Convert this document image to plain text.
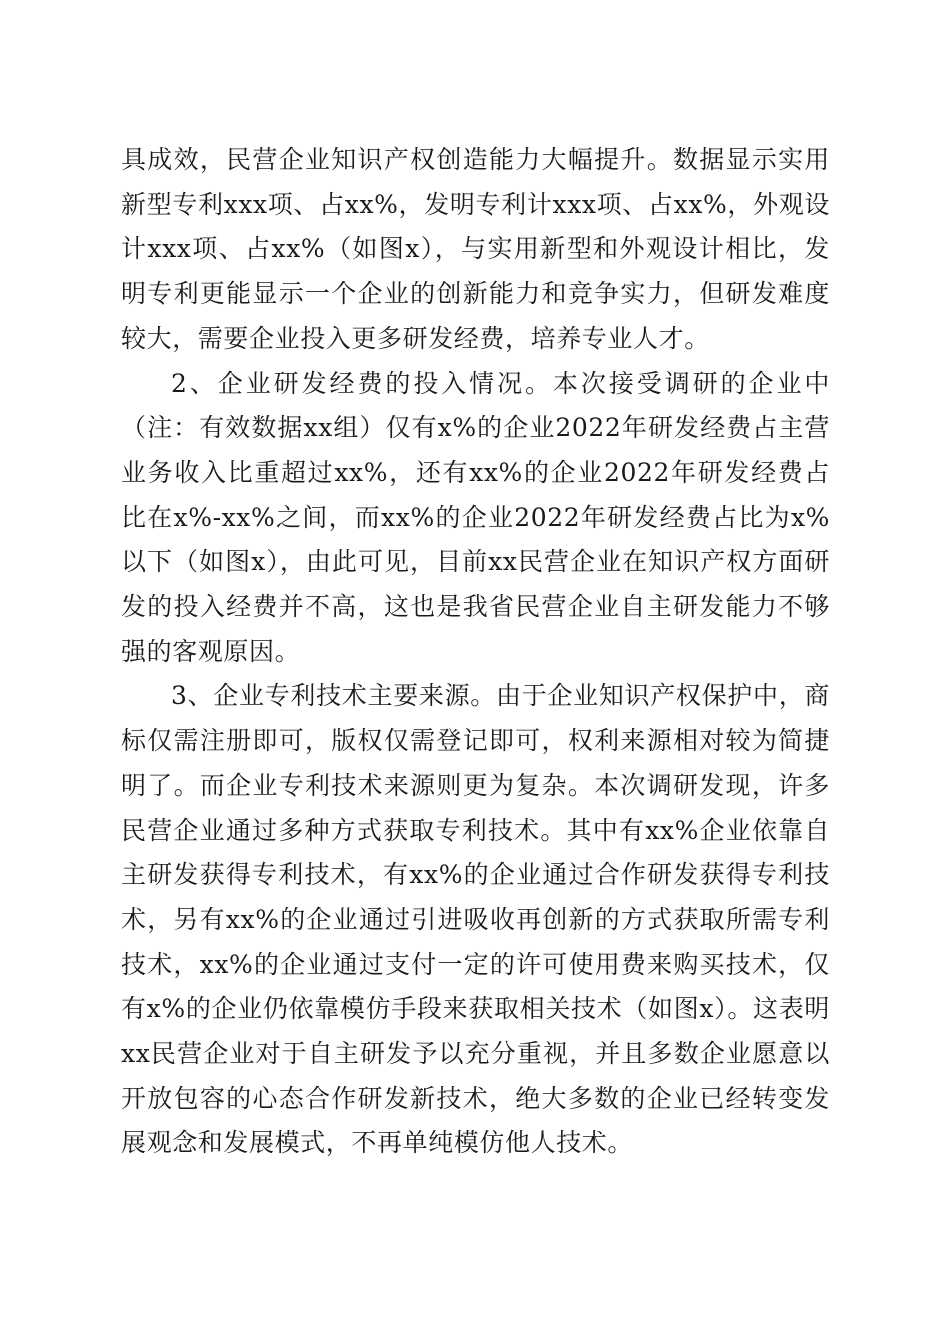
具成效，民营企业知识产权创造能力大幅提升。数据显示实用新型专利xxx项、占xx%，发明专利计xxx项、占xx%，外观设计xxx项、占xx%（如图x），与实用新型和外观设计相比，发明专利更能显示一个企业的创新能力和竞争实力，但研发难度较大，需要企业投入更多研发经费，培养专业人才。

2、企业研发经费的投入情况。本次接受调研的企业中（注：有效数据xx组）仅有x%的企业2022年研发经费占主营业务收入比重超过xx%，还有xx%的企业2022年研发经费占比在x%-xx%之间，而xx%的企业2022年研发经费占比为x%以下（如图x），由此可见，目前xx民营企业在知识产权方面研发的投入经费并不高，这也是我省民营企业自主研发能力不够强的客观原因。

3、企业专利技术主要来源。由于企业知识产权保护中，商标仅需注册即可，版权仅需登记即可，权利来源相对较为简捷明了。而企业专利技术来源则更为复杂。本次调研发现，许多民营企业通过多种方式获取专利技术。其中有xx%企业依靠自主研发获得专利技术，有xx%的企业通过合作研发获得专利技术，另有xx%的企业通过引进吸收再创新的方式获取所需专利技术，xx%的企业通过支付一定的许可使用费来购买技术，仅有x%的企业仍依靠模仿手段来获取相关技术（如图x）。这表明xx民营企业对于自主研发予以充分重视，并且多数企业愿意以开放包容的心态合作研发新技术，绝大多数的企业已经转变发展观念和发展模式，不再单纯模仿他人技术。
